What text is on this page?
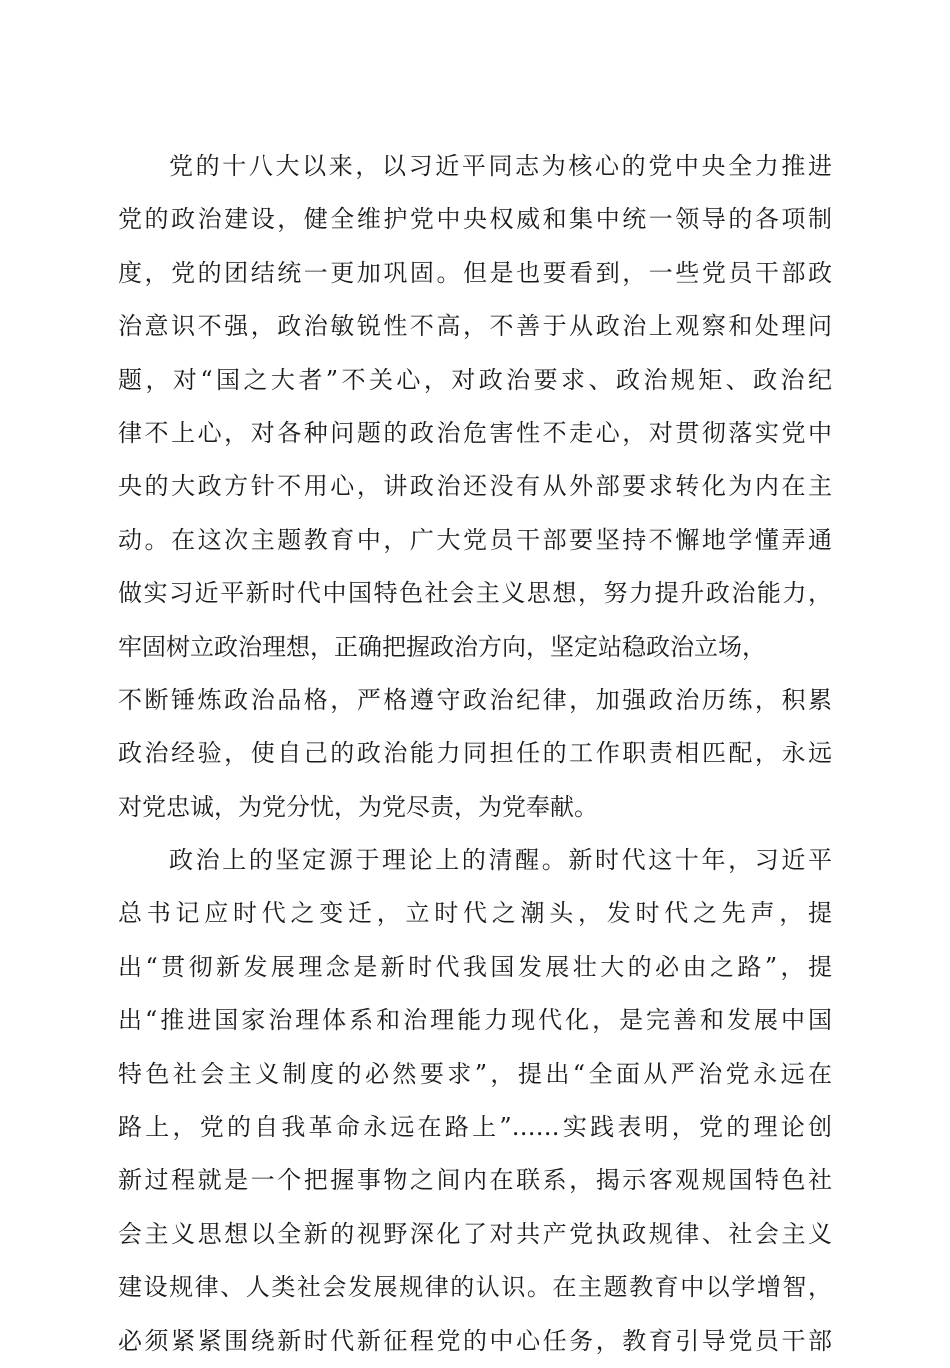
党的十八大以来，以习近平同志为核心的党中央全力推进
党的政治建设，健全维护党中央权威和集中统一领导的各项制
度，党的团结统一更加巩固。但是也要看到，一些党员干部政
治意识不强，政治敏锐性不高，不善于从政治上观察和处理问
题，对“国之大者”不关心，对政治要求、政治规矩、政治纪
律不上心，对各种问题的政治危害性不走心，对贯彻落实党中
央的大政方针不用心，讲政治还没有从外部要求转化为内在主
动。在这次主题教育中，广大党员干部要坚持不懈地学懂弄通
做实习近平新时代中国特色社会主义思想，努力提升政治能力，
牢固树立政治理想，正确把握政治方向，坚定站稳政治立场，
不断锤炼政治品格，严格遵守政治纪律，加强政治历练，积累
政治经验，使自己的政治能力同担任的工作职责相匹配，永远
对党忠诚，为党分忧，为党尽责，为党奉献。
政治上的坚定源于理论上的清醒。新时代这十年，习近平
总书记应时代之变迁，立时代之潮头，发时代之先声，提
出“贯彻新发展理念是新时代我国发展壮大的必由之路”，提
出“推进国家治理体系和治理能力现代化，是完善和发展中国
特色社会主义制度的必然要求”，提出“全面从严治党永远在
路上，党的自我革命永远在路上”……实践表明，党的理论创
新过程就是一个把握事物之间内在联系，揭示客观规国特色社
会主义思想以全新的视野深化了对共产党执政规律、社会主义
建设规律、人类社会发展规律的认识。在主题教育中以学增智，
必须紧紧围绕新时代新征程党的中心任务，教育引导党员干部
